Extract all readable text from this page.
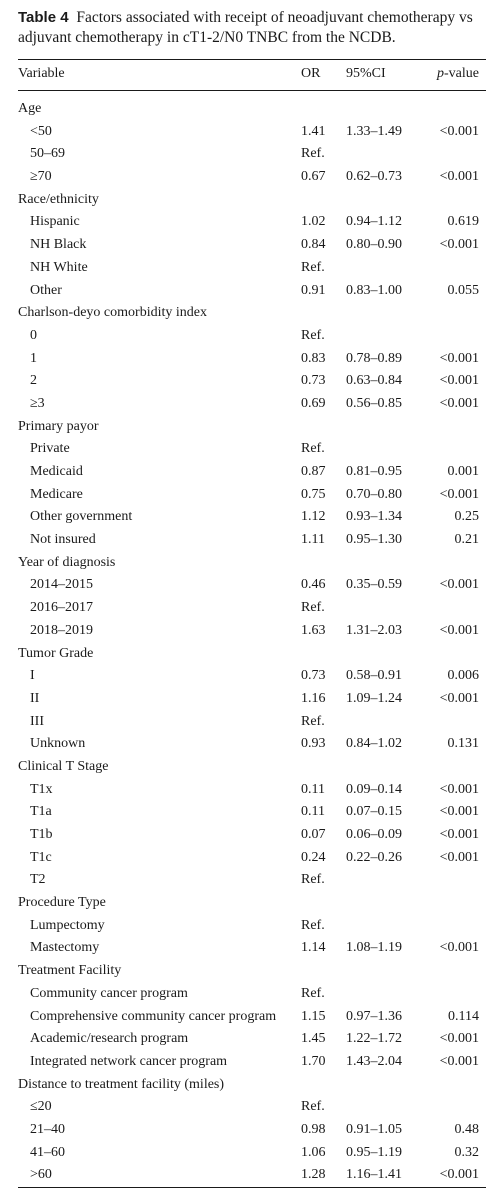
Table 4 Factors associated with receipt of neoadjuvant chemotherapy vs adjuvant chemotherapy in cT1-2/N0 TNBC from the NCDB.
Variable	OR 95%CI	p-value
Age
<50	1.41 1.33–1.49	<0.001
50–69	Ref.
≥70	0.67 0.62–0.73	<0.001
Race/ethnicity
Hispanic	1.02 0.94–1.12	0.619
NH Black	0.84 0.80–0.90	<0.001
NH White	Ref.
Other	0.91 0.83–1.00	0.055
Charlson-deyo comorbidity index
0	Ref.
1	0.83 0.78–0.89	<0.001
2	0.73 0.63–0.84	<0.001
≥3	0.69 0.56–0.85	<0.001
Primary payor
Private	Ref.
Medicaid	0.87 0.81–0.95	0.001
Medicare	0.75 0.70–0.80	<0.001
Other government	1.12 0.93–1.34	0.25
Not insured	1.11 0.95–1.30	0.21
Year of diagnosis
2014–2015	0.46 0.35–0.59	<0.001
2016–2017	Ref.
2018–2019	1.63 1.31–2.03	<0.001
Tumor Grade
I	0.73 0.58–0.91	0.006
II	1.16 1.09–1.24	<0.001
III	Ref.
Unknown	0.93 0.84–1.02	0.131
Clinical T Stage
T1x	0.11 0.09–0.14	<0.001
T1a	0.11 0.07–0.15	<0.001
T1b	0.07 0.06–0.09	<0.001
T1c	0.24 0.22–0.26	<0.001
T2	Ref.
Procedure Type
Lumpectomy	Ref.
Mastectomy	1.14 1.08–1.19	<0.001
Treatment Facility
Community cancer program	Ref.
Comprehensive community cancer program 1.15 0.97–1.36	0.114
Academic/research program	1.45 1.22–1.72	<0.001
Integrated network cancer program	1.70 1.43–2.04	<0.001
Distance to treatment facility (miles)
≤20	Ref.
21–40	0.98 0.91–1.05	0.48
41–60	1.06 0.95–1.19	0.32
>60	1.28 1.16–1.41	<0.001
